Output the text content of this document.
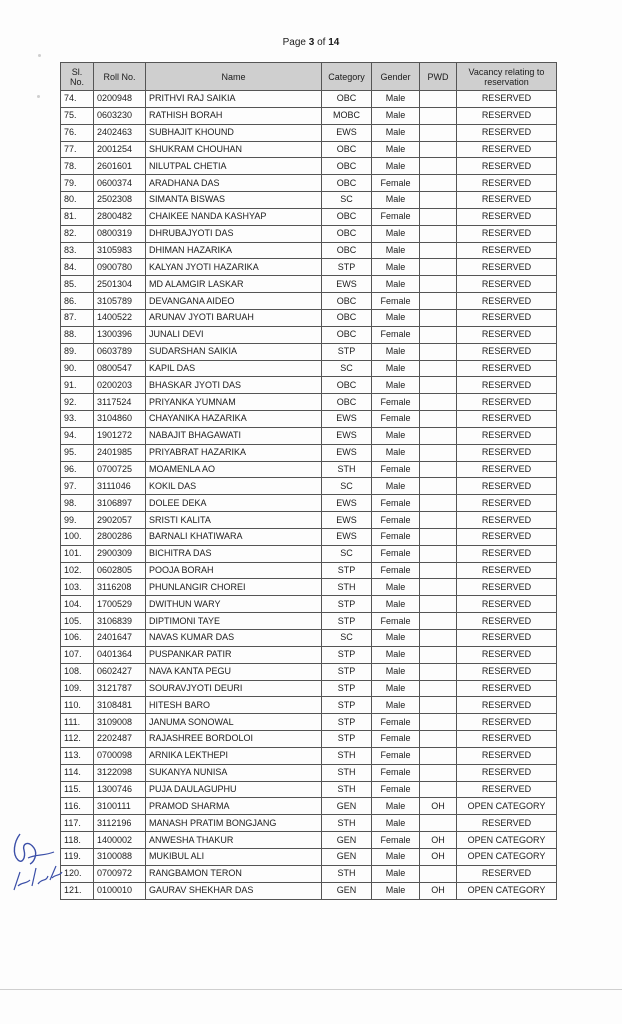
Page 3 of 14
Sl. No.	Roll No.	Name	Category	Gender	PWD	Vacancy relating to reservation
74.	0200948	PRITHVI RAJ SAIKIA	OBC	Male		RESERVED
75.	0603230	RATHISH BORAH	MOBC	Male		RESERVED
76.	2402463	SUBHAJIT KHOUND	EWS	Male		RESERVED
77.	2001254	SHUKRAM CHOUHAN	OBC	Male		RESERVED
78.	2601601	NILUTPAL CHETIA	OBC	Male		RESERVED
79.	0600374	ARADHANA DAS	OBC	Female		RESERVED
80.	2502308	SIMANTA BISWAS	SC	Male		RESERVED
81.	2800482	CHAIKEE NANDA KASHYAP	OBC	Female		RESERVED
82.	0800319	DHRUBAJYOTI DAS	OBC	Male		RESERVED
83.	3105983	DHIMAN HAZARIKA	OBC	Male		RESERVED
84.	0900780	KALYAN JYOTI HAZARIKA	STP	Male		RESERVED
85.	2501304	MD ALAMGIR LASKAR	EWS	Male		RESERVED
86.	3105789	DEVANGANA AIDEO	OBC	Female		RESERVED
87.	1400522	ARUNAV JYOTI BARUAH	OBC	Male		RESERVED
88.	1300396	JUNALI DEVI	OBC	Female		RESERVED
89.	0603789	SUDARSHAN SAIKIA	STP	Male		RESERVED
90.	0800547	KAPIL DAS	SC	Male		RESERVED
91.	0200203	BHASKAR JYOTI DAS	OBC	Male		RESERVED
92.	3117524	PRIYANKA YUMNAM	OBC	Female		RESERVED
93.	3104860	CHAYANIKA HAZARIKA	EWS	Female		RESERVED
94.	1901272	NABAJIT BHAGAWATI	EWS	Male		RESERVED
95.	2401985	PRIYABRAT HAZARIKA	EWS	Male		RESERVED
96.	0700725	MOAMENLA AO	STH	Female		RESERVED
97.	3111046	KOKIL DAS	SC	Male		RESERVED
98.	3106897	DOLEE DEKA	EWS	Female		RESERVED
99.	2902057	SRISTI KALITA	EWS	Female		RESERVED
100.	2800286	BARNALI KHATIWARA	EWS	Female		RESERVED
101.	2900309	BICHITRA DAS	SC	Female		RESERVED
102.	0602805	POOJA BORAH	STP	Female		RESERVED
103.	3116208	PHUNLANGIR CHOREI	STH	Male		RESERVED
104.	1700529	DWITHUN WARY	STP	Male		RESERVED
105.	3106839	DIPTIMONI TAYE	STP	Female		RESERVED
106.	2401647	NAVAS KUMAR DAS	SC	Male		RESERVED
107.	0401364	PUSPANKAR PATIR	STP	Male		RESERVED
108.	0602427	NAVA KANTA PEGU	STP	Male		RESERVED
109.	3121787	SOURAVJYOTI DEURI	STP	Male		RESERVED
110.	3108481	HITESH BARO	STP	Male		RESERVED
111.	3109008	JANUMA SONOWAL	STP	Female		RESERVED
112.	2202487	RAJASHREE BORDOLOI	STP	Female		RESERVED
113.	0700098	ARNIKA LEKTHEPI	STH	Female		RESERVED
114.	3122098	SUKANYA NUNISA	STH	Female		RESERVED
115.	1300746	PUJA DAULAGUPHU	STH	Female		RESERVED
116.	3100111	PRAMOD SHARMA	GEN	Male	OH	OPEN CATEGORY
117.	3112196	MANASH PRATIM BONGJANG	STH	Male		RESERVED
118.	1400002	ANWESHA THAKUR	GEN	Female	OH	OPEN CATEGORY
119.	3100088	MUKIBUL ALI	GEN	Male	OH	OPEN CATEGORY
120.	0700972	RANGBAMON TERON	STH	Male		RESERVED
121.	0100010	GAURAV SHEKHAR DAS	GEN	Male	OH	OPEN CATEGORY
